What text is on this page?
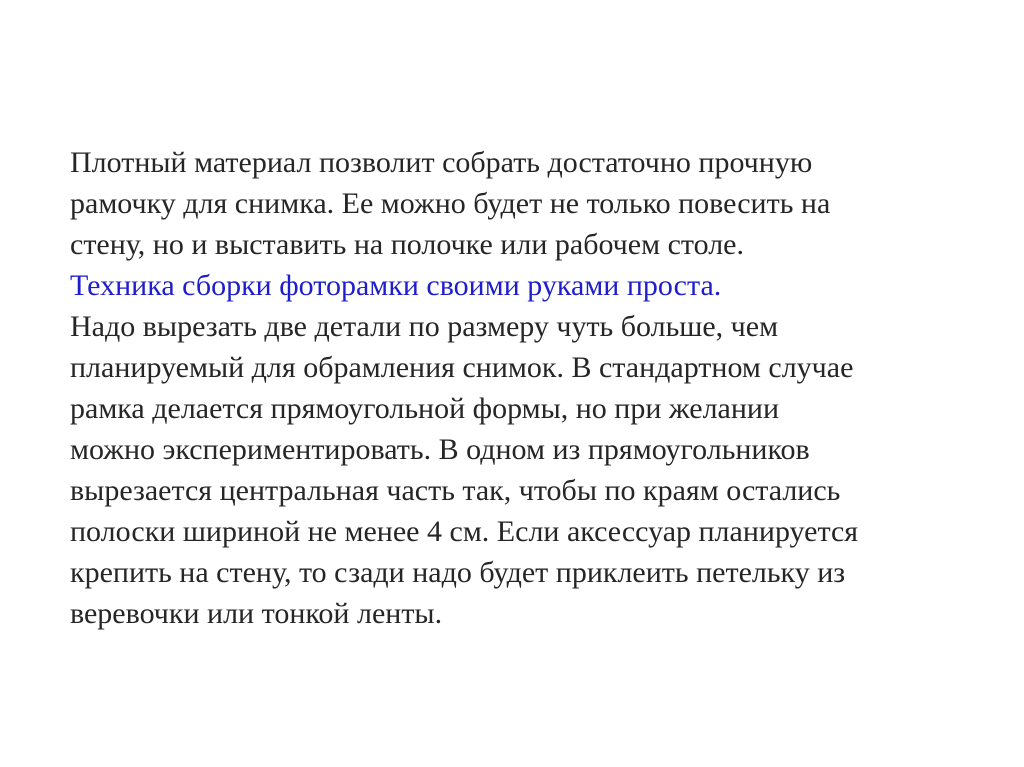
Плотный материал позволит собрать достаточно прочную
рамочку для снимка. Ее можно будет не только повесить на
стену, но и выставить на полочке или рабочем столе.
Техника сборки фоторамки своими руками проста.
Надо вырезать две детали по размеру чуть больше, чем
планируемый для обрамления снимок. В стандартном случае
рамка делается прямоугольной формы, но при желании
можно экспериментировать. В одном из прямоугольников
вырезается центральная часть так, чтобы по краям остались
полоски шириной не менее 4 см. Если аксессуар планируется
крепить на стену, то сзади надо будет приклеить петельку из
веревочки или тонкой ленты.
